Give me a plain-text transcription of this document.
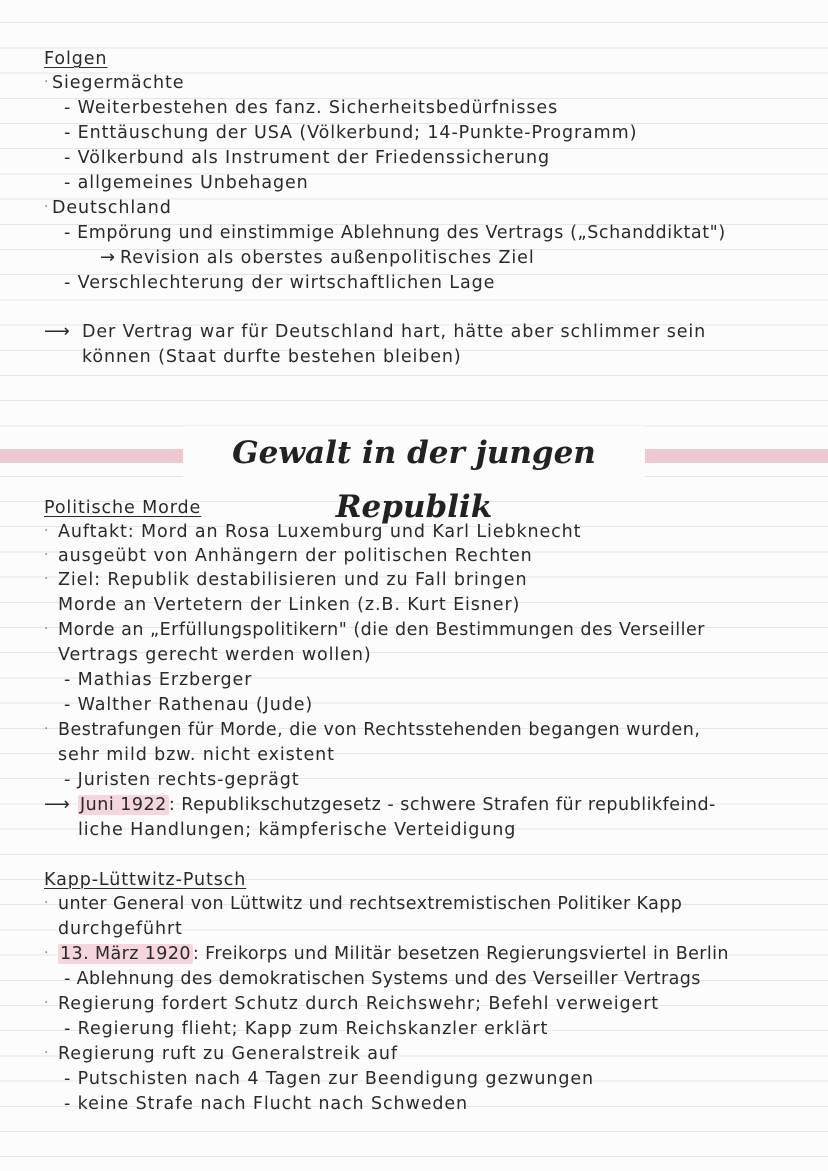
Folgen
· Siegermächte
- Weiterbestehen des fanz. Sicherheitsbedürfnisses
- Enttäuschung der USA (Völkerbund; 14-Punkte-Programm)
- Völkerbund als Instrument der Friedenssicherung
- allgemeines Unbehagen
· Deutschland
- Empörung und einstimmige Ablehnung des Vertrags („Schanddiktat")
→ Revision als oberstes außenpolitisches Ziel
- Verschlechterung der wirtschaftlichen Lage
⟶ Der Vertrag war für Deutschland hart, hätte aber schlimmer sein
können (Staat durfte bestehen bleiben)
Gewalt in der jungen Republik
Politische Morde
· Auftakt: Mord an Rosa Luxemburg und Karl Liebknecht
· ausgeübt von Anhängern der politischen Rechten
· Ziel: Republik destabilisieren und zu Fall bringen
Morde an Vertetern der Linken (z.B. Kurt Eisner)
· Morde an „Erfüllungspolitikern" (die den Bestimmungen des Verseiller
Vertrags gerecht werden wollen)
- Mathias Erzberger
- Walther Rathenau (Jude)
· Bestrafungen für Morde, die von Rechtsstehenden begangen wurden,
sehr mild bzw. nicht existent
- Juristen rechts-geprägt
⟶ Juni 1922 : Republikschutzgesetz - schwere Strafen für republikfeind-
liche Handlungen; kämpferische Verteidigung
Kapp-Lüttwitz-Putsch
· unter General von Lüttwitz und rechtsextremistischen Politiker Kapp
durchgeführt
· 13. März 1920 : Freikorps und Militär besetzen Regierungsviertel in Berlin
- Ablehnung des demokratischen Systems und des Verseiller Vertrags
· Regierung fordert Schutz durch Reichswehr; Befehl verweigert
- Regierung flieht; Kapp zum Reichskanzler erklärt
· Regierung ruft zu Generalstreik auf
- Putschisten nach 4 Tagen zur Beendigung gezwungen
- keine Strafe nach Flucht nach Schweden
